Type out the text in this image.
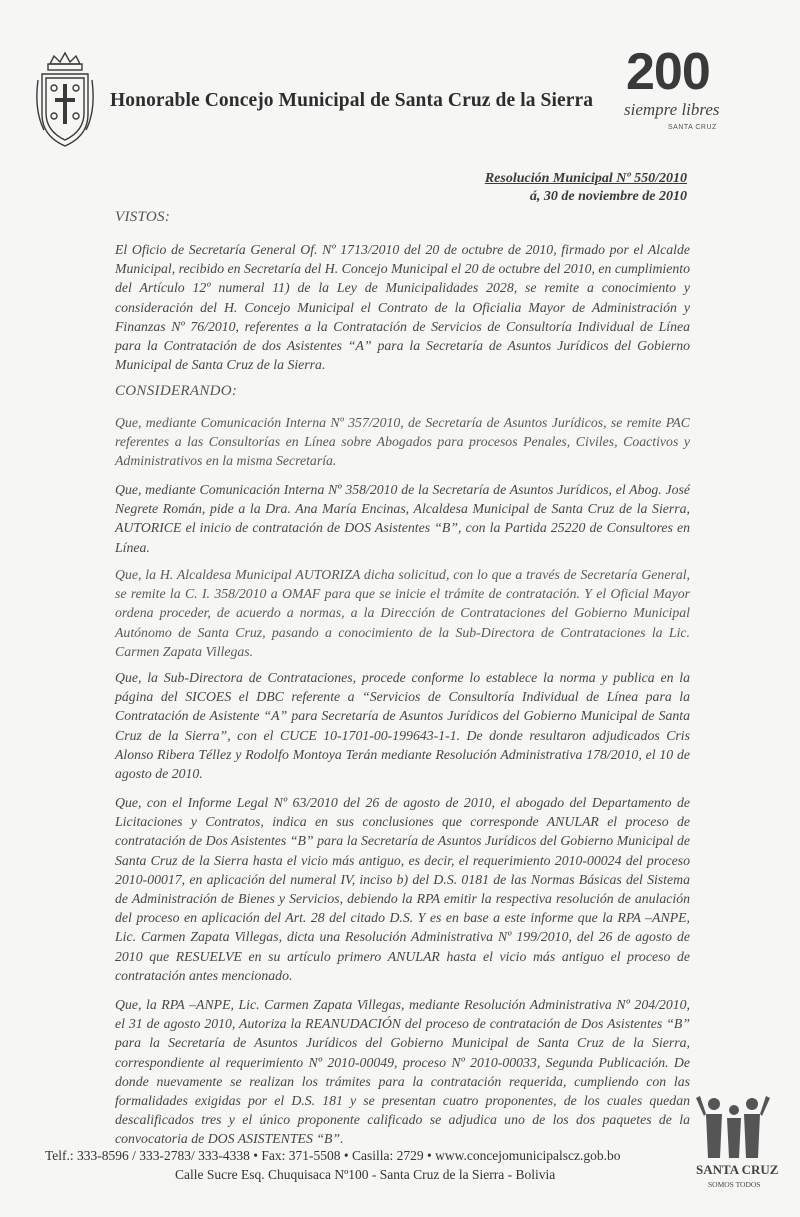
Honorable Concejo Municipal de Santa Cruz de la Sierra 200
siempre libres
SANTA CRUZ
Resolución Municipal Nº 550/2010
á, 30 de noviembre de 2010
VISTOS:
El Oficio de Secretaría General Of. Nº 1713/2010 del 20 de octubre de 2010, firmado por el Alcalde Municipal, recibido en Secretaría del H. Concejo Municipal el 20 de octubre del 2010, en cumplimiento del Artículo 12º numeral 11) de la Ley de Municipalidades 2028, se remite a conocimiento y consideración del H. Concejo Municipal el Contrato de la Oficialia Mayor de Administración y Finanzas Nº 76/2010, referentes a la Contratación de Servicios de Consultoría Individual de Línea para la Contratación de dos Asistentes “A” para la Secretaría de Asuntos Jurídicos del Gobierno Municipal de Santa Cruz de la Sierra.
CONSIDERANDO:
Que, mediante Comunicación Interna Nº 357/2010, de Secretaría de Asuntos Jurídicos, se remite PAC referentes a las Consultorías en Línea sobre Abogados para procesos Penales, Civiles, Coactivos y Administrativos en la misma Secretaría.
Que, mediante Comunicación Interna Nº 358/2010 de la Secretaría de Asuntos Jurídicos, el Abog. José Negrete Román, pide a la Dra. Ana María Encinas, Alcaldesa Municipal de Santa Cruz de la Sierra, AUTORICE el inicio de contratación de DOS Asistentes “B”, con la Partida 25220 de Consultores en Línea.
Que, la H. Alcaldesa Municipal AUTORIZA dicha solicitud, con lo que a través de Secretaría General, se remite la C. I. 358/2010 a OMAF para que se inicie el trámite de contratación. Y el Oficial Mayor ordena proceder, de acuerdo a normas, a la Dirección de Contrataciones del Gobierno Municipal Autónomo de Santa Cruz, pasando a conocimiento de la Sub-Directora de Contrataciones la Lic. Carmen Zapata Villegas.
Que, la Sub-Directora de Contrataciones, procede conforme lo establece la norma y publica en la página del SICOES el DBC referente a “Servicios de Consultoría Individual de Línea para la Contratación de Asistente “A” para Secretaría de Asuntos Jurídicos del Gobierno Municipal de Santa Cruz de la Sierra”, con el CUCE 10-1701-00-199643-1-1. De donde resultaron adjudicados Cris Alonso Ribera Téllez y Rodolfo Montoya Terán mediante Resolución Administrativa 178/2010, el 10 de agosto de 2010.
Que, con el Informe Legal Nº 63/2010 del 26 de agosto de 2010, el abogado del Departamento de Licitaciones y Contratos, indica en sus conclusiones que corresponde ANULAR el proceso de contratación de Dos Asistentes “B” para la Secretaría de Asuntos Jurídicos del Gobierno Municipal de Santa Cruz de la Sierra hasta el vicio más antiguo, es decir, el requerimiento 2010-00024 del proceso 2010-00017, en aplicación del numeral IV, inciso b) del D.S. 0181 de las Normas Básicas del Sistema de Administración de Bienes y Servicios, debiendo la RPA emitir la respectiva resolución de anulación del proceso en aplicación del Art. 28 del citado D.S. Y es en base a este informe que la RPA –ANPE, Lic. Carmen Zapata Villegas, dicta una Resolución Administrativa Nº 199/2010, del 26 de agosto de 2010 que RESUELVE en su artículo primero ANULAR hasta el vicio más antiguo el proceso de contratación antes mencionado.
Que, la RPA –ANPE, Lic. Carmen Zapata Villegas, mediante Resolución Administrativa Nº 204/2010, el 31 de agosto 2010, Autoriza la REANUDACIÓN del proceso de contratación de Dos Asistentes “B” para la Secretaría de Asuntos Jurídicos del Gobierno Municipal de Santa Cruz de la Sierra, correspondiente al requerimiento Nº 2010-00049, proceso Nº 2010-00033, Segunda Publicación. De donde nuevamente se realizan los trámites para la contratación requerida, cumpliendo con las formalidades exigidas por el D.S. 181 y se presentan cuatro proponentes, de los cuales quedan descalificados tres y el único proponente calificado se adjudica uno de los dos paquetes de la convocatoria de DOS ASISTENTES “B”.
Telf.: 333-8596 / 333-2783/ 333-4338 • Fax: 371-5508 • Casilla: 2729 • www.concejomunicipalscz.gob.bo
Calle Sucre Esq. Chuquisaca Nº100 - Santa Cruz de la Sierra - Bolivia	SANTA CRUZ
SOMOS TODOS
